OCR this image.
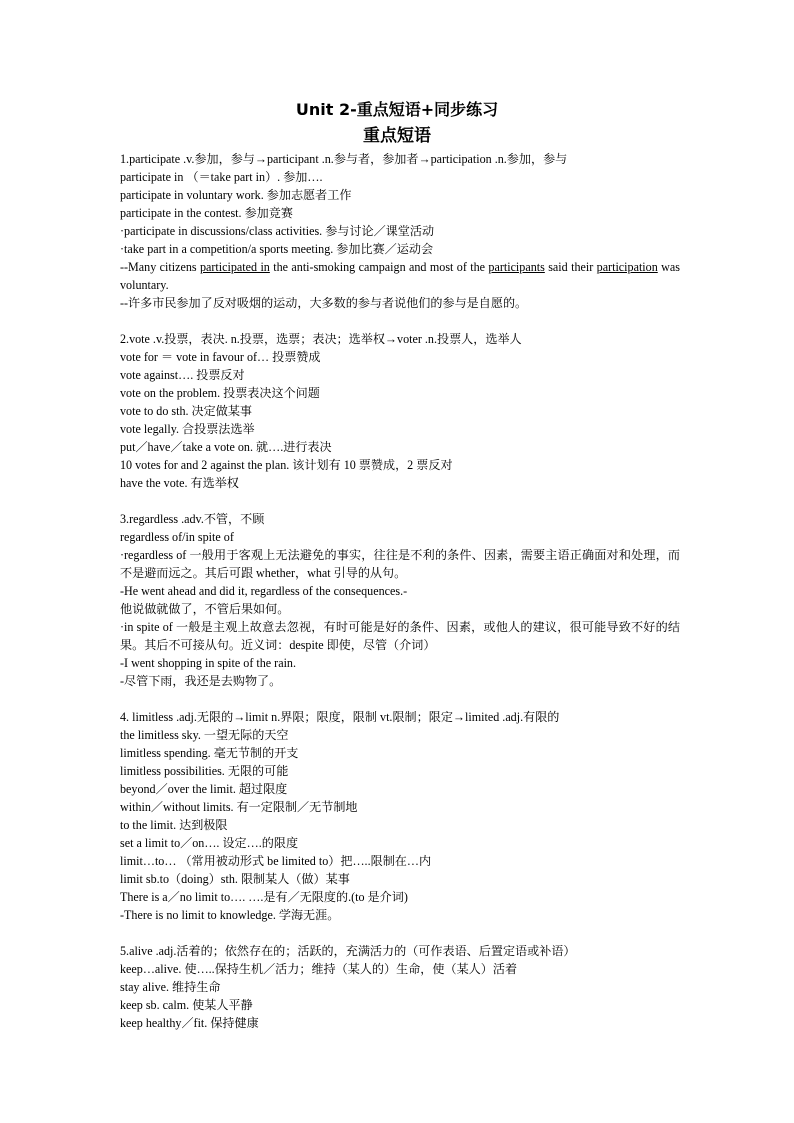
Unit 2-重点短语+同步练习
重点短语
1.participate .v.参加，参与→participant .n.参与者，参加者→participation .n.参加，参与
participate in （＝take part in）. 参加….
participate in voluntary work. 参加志愿者工作
participate in the contest. 参加竞赛
·participate in discussions/class activities. 参与讨论／课堂活动
·take part in a competition/a sports meeting. 参加比赛／运动会
--Many citizens participated in the anti-smoking campaign and most of the participants said their participation was voluntary.
--许多市民参加了反对吸烟的运动，大多数的参与者说他们的参与是自愿的。
2.vote .v.投票，表决. n.投票，选票；表决；选举权→voter .n.投票人，选举人
vote for ＝ vote in favour of… 投票赞成
vote against…. 投票反对
vote on the problem. 投票表决这个问题
vote to do sth. 决定做某事
vote legally. 合投票法选举
put／have／take a vote on. 就….进行表决
10 votes for and 2 against the plan. 该计划有 10 票赞成，2 票反对
have the vote. 有选举权
3.regardless .adv.不管，不顾
regardless of/in spite of
·regardless of 一般用于客观上无法避免的事实，往往是不利的条件、因素，需要主语正确面对和处理，而不是避而远之。其后可跟 whether，what 引导的从句。
-He went ahead and did it, regardless of the consequences.-
他说做就做了，不管后果如何。
·in spite of 一般是主观上故意去忽视，有时可能是好的条件、因素，或他人的建议，很可能导致不好的结果。其后不可接从句。近义词：despite 即使，尽管（介词）
-I went shopping in spite of the rain.
-尽管下雨，我还是去购物了。
4. limitless .adj.无限的→limit n.界限；限度，限制 vt.限制；限定→limited .adj.有限的
the limitless sky. 一望无际的天空
limitless spending. 毫无节制的开支
limitless possibilities. 无限的可能
beyond／over the limit. 超过限度
within／without limits. 有一定限制／无节制地
to the limit. 达到极限
set a limit to／on…. 设定….的限度
limit…to… （常用被动形式 be limited to）把…..限制在…内
limit sb.to（doing）sth. 限制某人（做）某事
There is a／no limit to…. ….是有／无限度的.(to 是介词)
-There is no limit to knowledge. 学海无涯。
5.alive .adj.活着的；依然存在的；活跃的，充满活力的（可作表语、后置定语或补语）
keep…alive. 使…..保持生机／活力；维持（某人的）生命，使（某人）活着
stay alive. 维持生命
keep sb. calm. 使某人平静
keep healthy／fit. 保持健康
